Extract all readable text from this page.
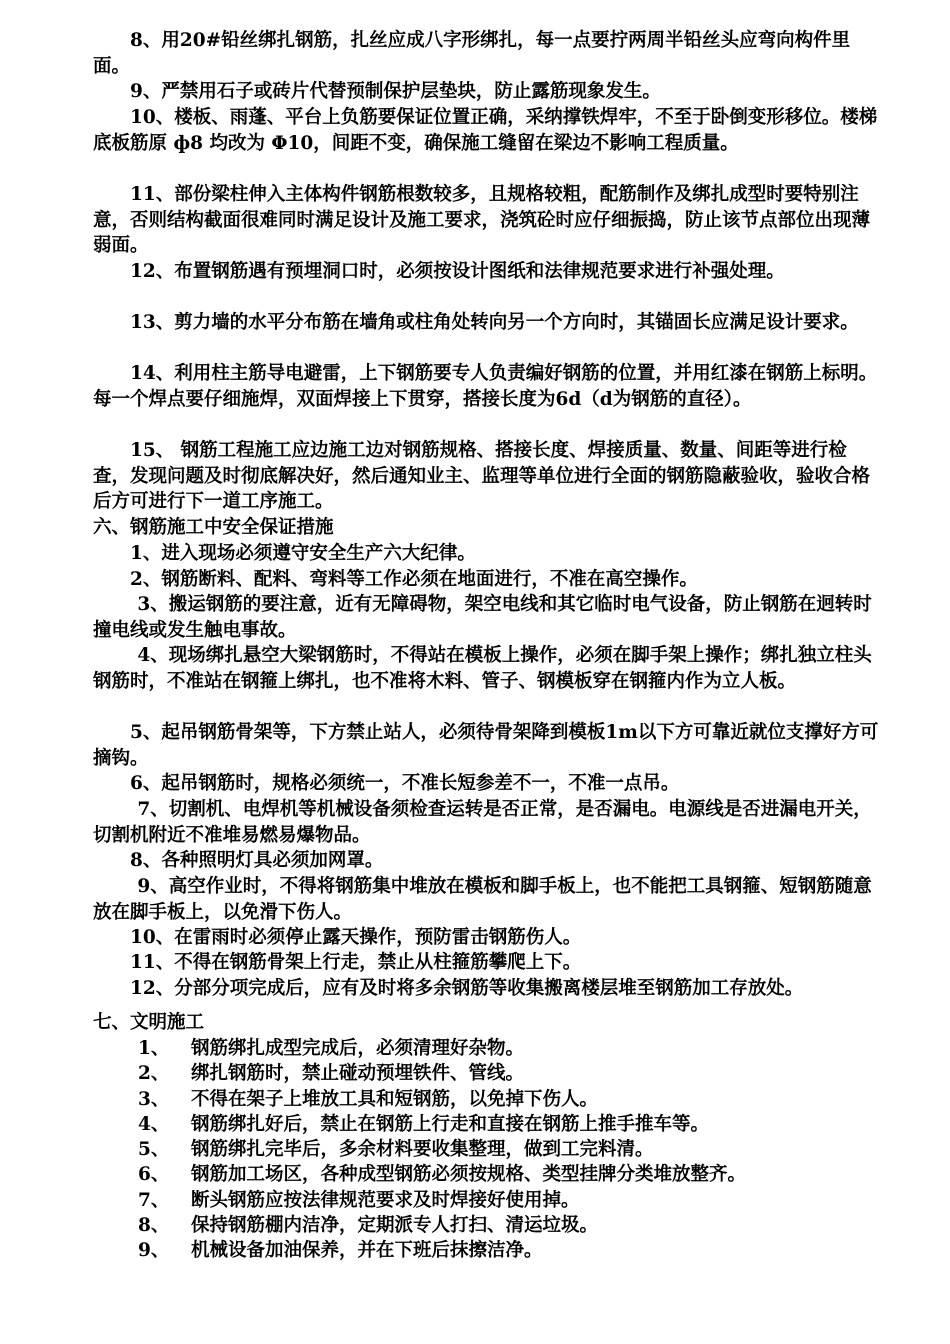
8、用20#铅丝绑扎钢筋，扎丝应成八字形绑扎，每一点要拧两周半铅丝头应弯向构件里面。

9、严禁用石子或砖片代替预制保护层垫块，防止露筋现象发生。

10、楼板、雨蓬、平台上负筋要保证位置正确，采纳撑铁焊牢，不至于卧倒变形移位。楼梯底板筋原 ф8 均改为 Φ10，间距不变，确保施工缝留在梁边不影响工程质量。

11、部份梁柱伸入主体构件钢筋根数较多，且规格较粗，配筋制作及绑扎成型时要特别注意，否则结构截面很难同时满足设计及施工要求，浇筑砼时应仔细振捣，防止该节点部位出现薄弱面。

12、布置钢筋遇有预埋洞口时，必须按设计图纸和法律规范要求进行补强处理。

13、剪力墙的水平分布筋在墙角或柱角处转向另一个方向时，其锚固长应满足设计要求。

14、利用柱主筋导电避雷，上下钢筋要专人负责编好钢筋的位置，并用红漆在钢筋上标明。每一个焊点要仔细施焊，双面焊接上下贯穿，搭接长度为6d（d为钢筋的直径）。

15、 钢筋工程施工应边施工边对钢筋规格、搭接长度、焊接质量、数量、间距等进行检查，发现问题及时彻底解决好，然后通知业主、监理等单位进行全面的钢筋隐蔽验收，验收合格后方可进行下一道工序施工。

六、钢筋施工中安全保证措施

1、进入现场必须遵守安全生产六大纪律。

2、钢筋断料、配料、弯料等工作必须在地面进行，不准在高空操作。

3、搬运钢筋的要注意，近有无障碍物，架空电线和其它临时电气设备，防止钢筋在迥转时撞电线或发生触电事故。

4、现场绑扎悬空大梁钢筋时，不得站在模板上操作，必须在脚手架上操作；绑扎独立柱头钢筋时，不准站在钢箍上绑扎，也不准将木料、管子、钢模板穿在钢箍内作为立人板。

5、起吊钢筋骨架等，下方禁止站人，必须待骨架降到模板1m以下方可靠近就位支撑好方可摘钩。

6、起吊钢筋时，规格必须统一，不准长短参差不一，不准一点吊。

7、切割机、电焊机等机械设备须检查运转是否正常，是否漏电。电源线是否进漏电开关，切割机附近不准堆易燃易爆物品。

8、各种照明灯具必须加网罩。

9、高空作业时，不得将钢筋集中堆放在模板和脚手板上，也不能把工具钢箍、短钢筋随意放在脚手板上，以免滑下伤人。

10、在雷雨时必须停止露天操作，预防雷击钢筋伤人。

11、不得在钢筋骨架上行走，禁止从柱箍筋攀爬上下。

12、分部分项完成后，应有及时将多余钢筋等收集搬离楼层堆至钢筋加工存放处。

七、文明施工

1、	钢筋绑扎成型完成后，必须清理好杂物。
2、	绑扎钢筋时，禁止碰动预埋铁件、管线。
3、	不得在架子上堆放工具和短钢筋，以免掉下伤人。
4、	钢筋绑扎好后，禁止在钢筋上行走和直接在钢筋上推手推车等。
5、	钢筋绑扎完毕后，多余材料要收集整理，做到工完料清。
6、	钢筋加工场区，各种成型钢筋必须按规格、类型挂牌分类堆放整齐。
7、	断头钢筋应按法律规范要求及时焊接好使用掉。
8、	保持钢筋棚内洁净，定期派专人打扫、清运垃圾。
9、	机械设备加油保养，并在下班后抹擦洁净。
